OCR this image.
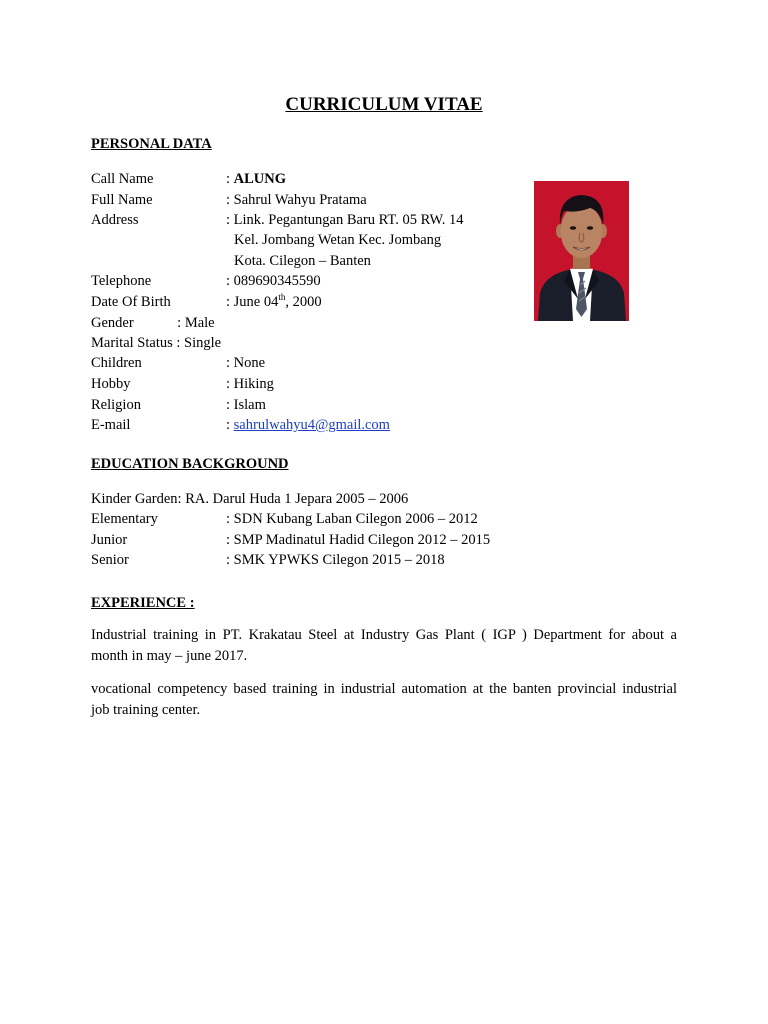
CURRICULUM VITAE
PERSONAL DATA
Call Name	: ALUNG
Full Name	: Sahrul Wahyu Pratama
Address	: Link. Pegantungan Baru RT. 05 RW. 14
Kel. Jombang Wetan Kec. Jombang
Kota. Cilegon – Banten
Telephone	: 089690345590
Date Of Birth	: June 04th, 2000
Gender            : Male
Marital Status : Single
Children	: None
Hobby	: Hiking
Religion	: Islam
E-mail	: sahrulwahyu4@gmail.com
EDUCATION BACKGROUND
Kinder Garden: RA. Darul Huda 1 Jepara 2005 – 2006
Elementary	: SDN Kubang Laban Cilegon 2006 – 2012
Junior	: SMP Madinatul Hadid Cilegon 2012 – 2015
Senior	: SMK YPWKS Cilegon 2015 – 2018
EXPERIENCE :
Industrial training in PT. Krakatau Steel at Industry Gas Plant ( IGP ) Department for about a
month in may – june 2017.
vocational competency based training in industrial automation at the banten provincial industrial
job training center.
